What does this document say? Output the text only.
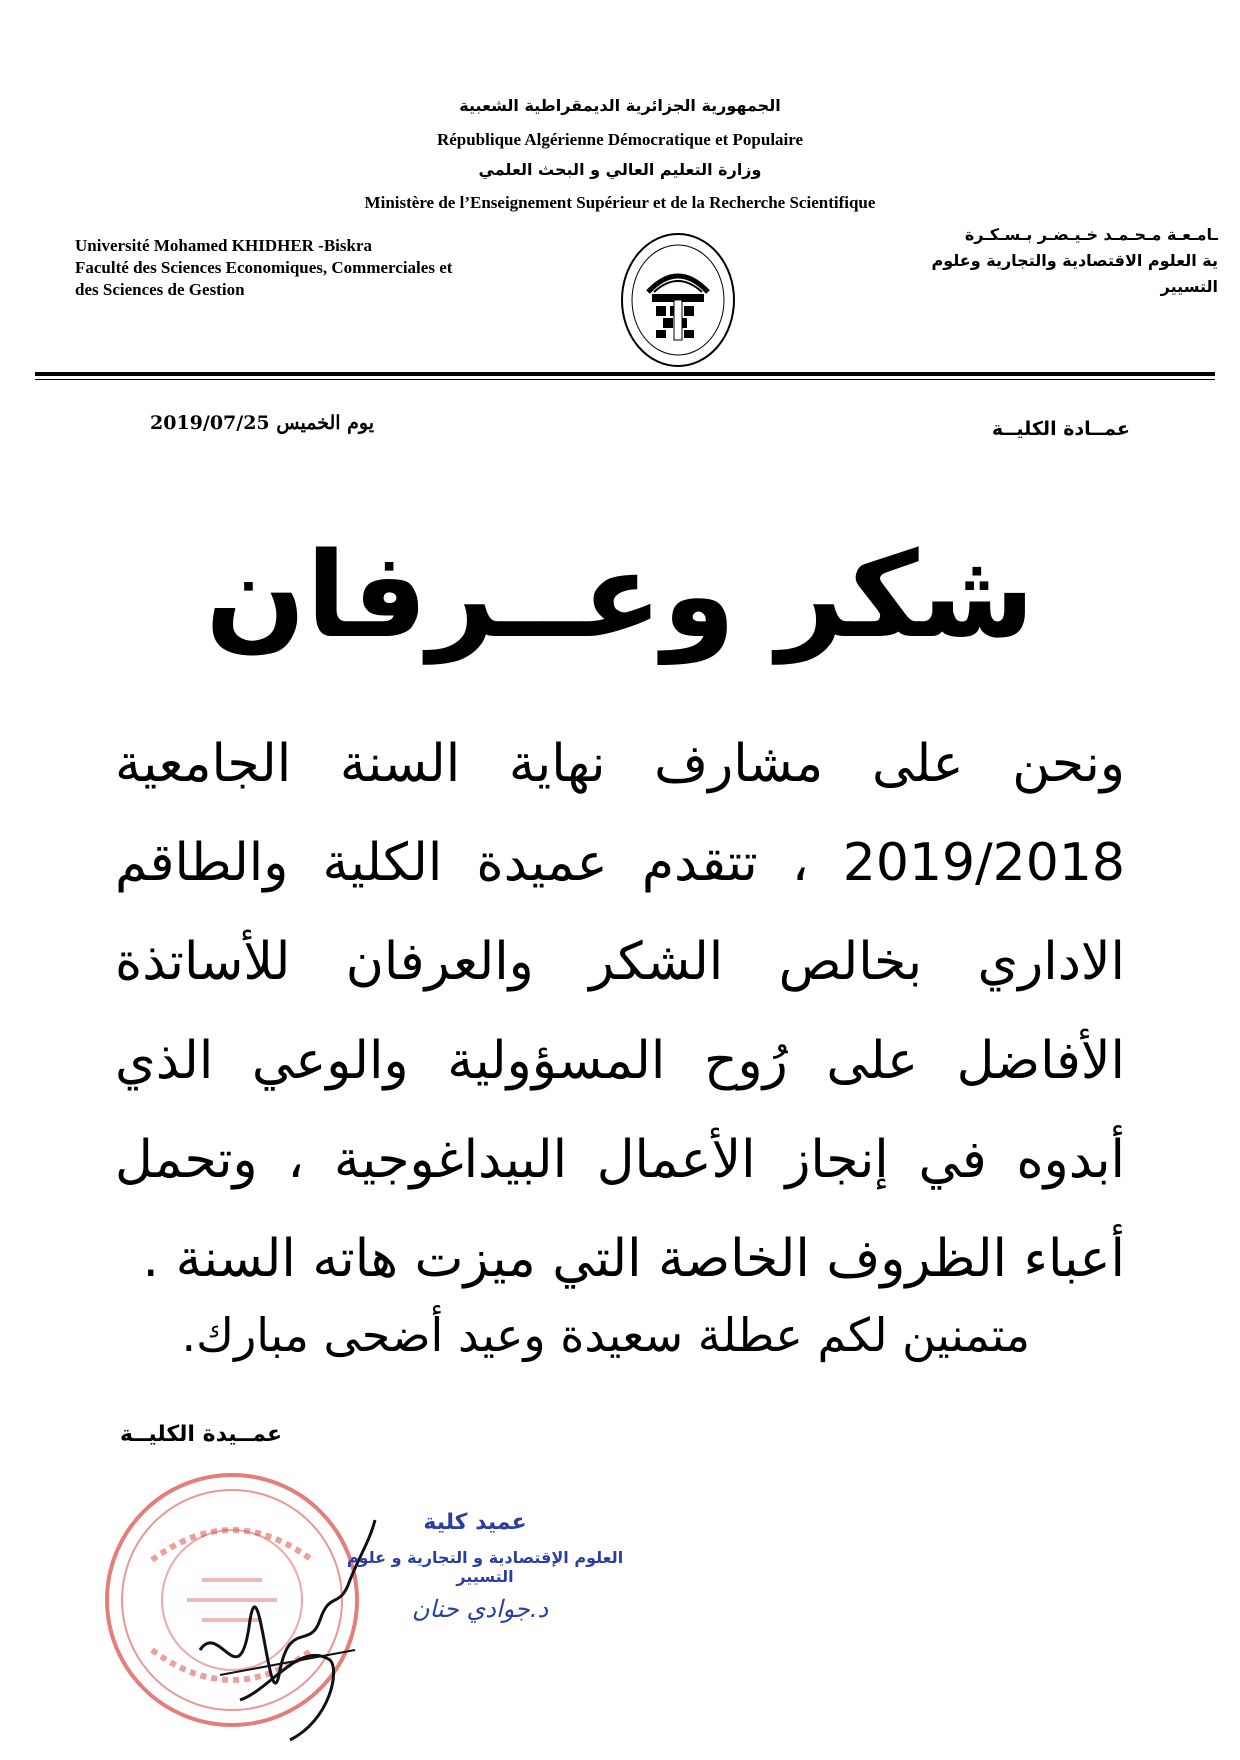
الجمهورية الجزائرية الديمقراطية الشعبية
République Algérienne Démocratique et Populaire
وزارة التعليم العالي و البحث العلمي
Ministère de l’Enseignement Supérieur et de la Recherche Scientifique
Université Mohamed KHIDHER -Biskra
Faculté des Sciences Economiques, Commerciales et
des Sciences de Gestion
ـامـعـة مـحـمـد خـيـضـر بـسـكـرة
ية العلوم الاقتصادية والتجارية وعلوم التسيير
عمــادة الكليــة
يوم الخميس 2019/07/25
شكر وعــرفان
ونحن على مشارف نهاية السنة الجامعية 2019/2018 ، تتقدم عميدة الكلية والطاقم الاداري بخالص الشكر والعرفان للأساتذة الأفاضل على رُوح المسؤولية والوعي الذي أبدوه في إنجاز الأعمال البيداغوجية ، وتحمل أعباء الظروف الخاصة التي ميزت هاته السنة .
متمنين لكم عطلة سعيدة وعيد أضحى مبارك.
عمــيدة الكليــة
عميد كلية
العلوم الإقتصادية و التجارية و علوم التسيير
د.جوادي حنان
